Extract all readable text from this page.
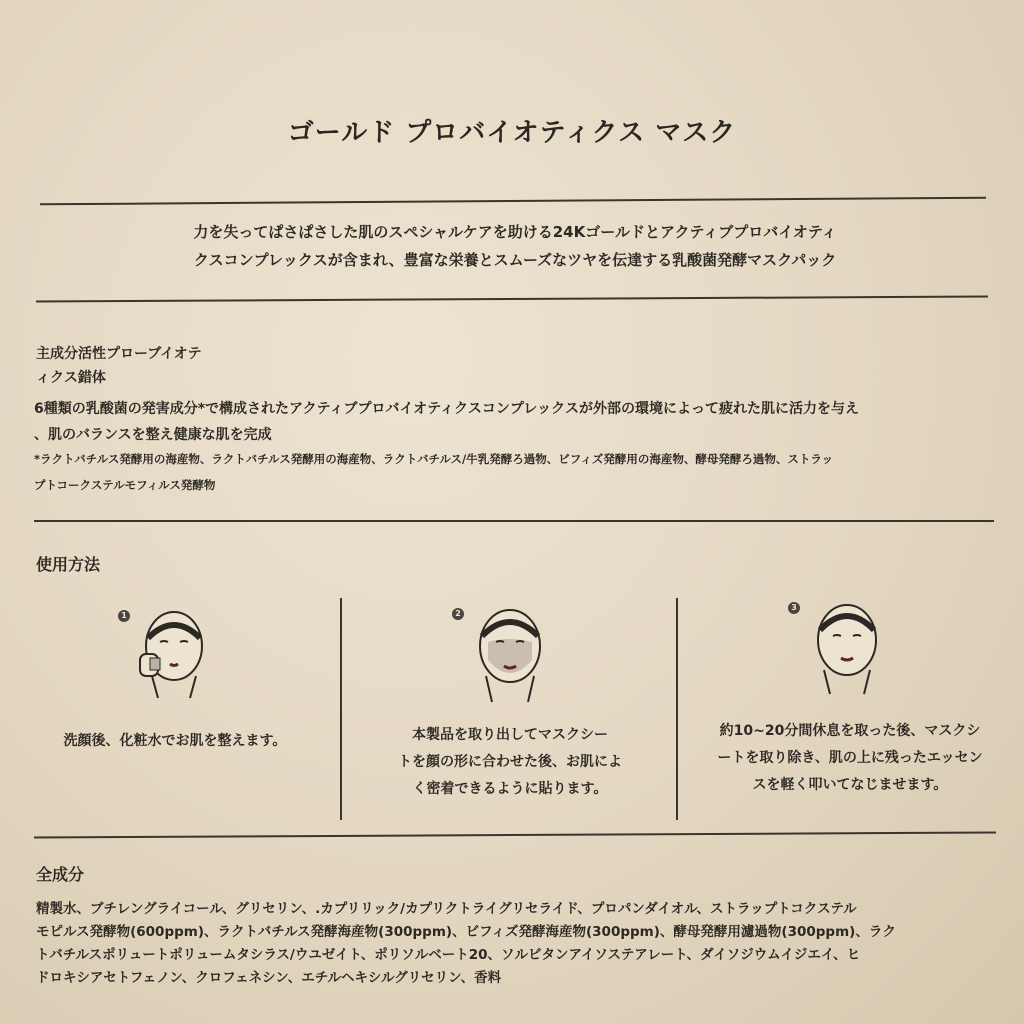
ゴールド プロバイオティクス マスク
力を失ってぱさぱさした肌のスペシャルケアを助ける24Kゴールドとアクティブプロバイオティ
クスコンプレックスが含まれ、豊富な栄養とスムーズなツヤを伝達する乳酸菌発酵マスクパック
主成分活性プローブイオテ
ィクス錯体
6種類の乳酸菌の発害成分*で構成されたアクティブプロバイオティクスコンプレックスが外部の環境によって疲れた肌に活力を与え
、肌のバランスを整え健康な肌を完成
*ラクトバチルス発酵用の海産物、ラクトバチルス発酵用の海産物、ラクトバチルス/牛乳発酵ろ過物、ビフィズ発酵用の海産物、酵母発酵ろ過物、ストラッ
プトコークステルモフィルス発酵物
使用方法
1
洗顔後、化粧水でお肌を整えます。
2
本製品を取り出してマスクシー
トを顔の形に合わせた後、お肌によ
く密着できるように貼ります。
3
約10~20分間休息を取った後、マスクシ
ートを取り除き、肌の上に残ったエッセン
スを軽く叩いてなじませます。
全成分
精製水、ブチレングライコール、グリセリン、.カプリリック/カプリクトライグリセライド、プロパンダイオル、ストラップトコクステル
モピルス発酵物(600ppm)、ラクトバチルス発酵海産物(300ppm)、ビフィズ発酵海産物(300ppm)、酵母発酵用濾過物(300ppm)、ラク
トバチルスポリュートポリュームタシラス/ウユゼイト、ポリソルベート20、ソルビタンアイソステアレート、ダイソジウムイジエイ、ヒ
ドロキシアセトフェノン、クロフェネシン、エチルヘキシルグリセリン、香料
